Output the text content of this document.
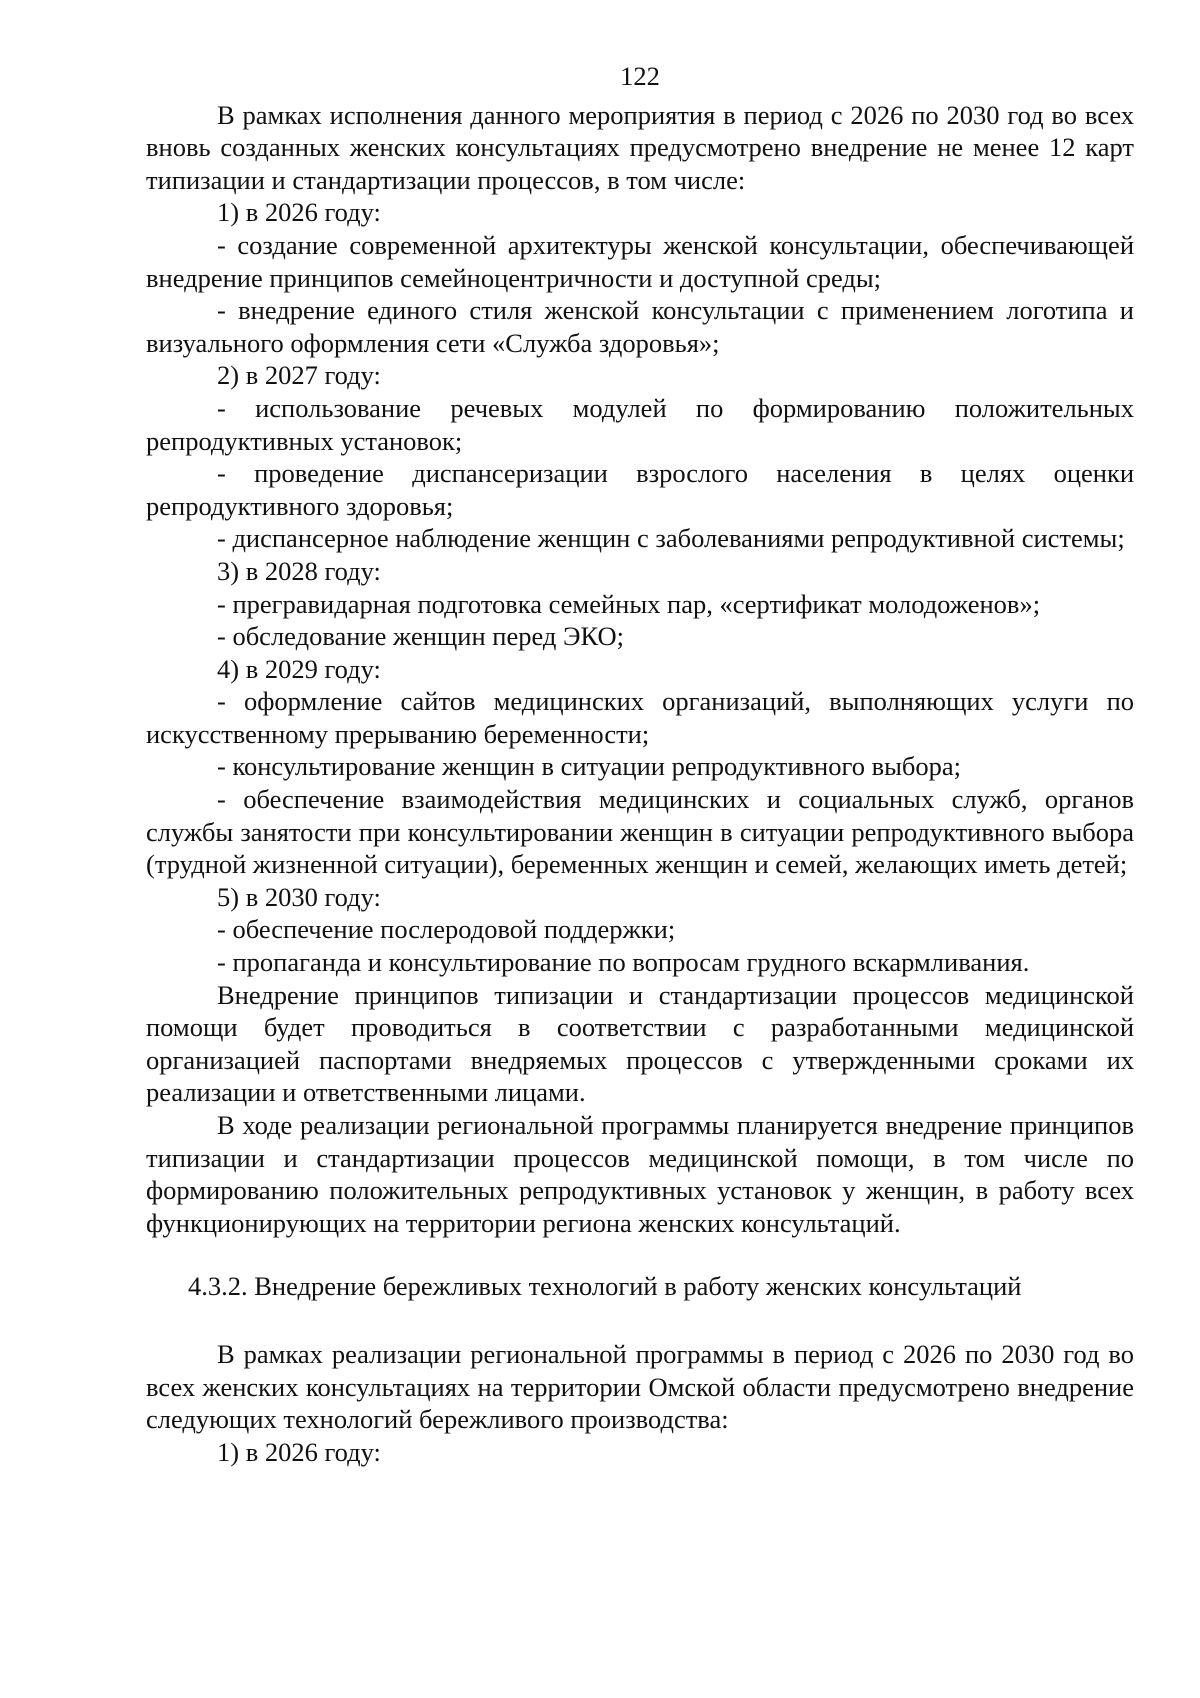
122

В рамках исполнения данного мероприятия в период с 2026 по 2030 год во всех вновь созданных женских консультациях предусмотрено внедрение не менее 12 карт типизации и стандартизации процессов, в том числе:

1) в 2026 году:

- создание современной архитектуры женской консультации, обеспечивающей внедрение принципов семейноцентричности и доступной среды;

- внедрение единого стиля женской консультации с применением логотипа и визуального оформления сети «Служба здоровья»;

2) в 2027 году:

- использование речевых модулей по формированию положительных репродуктивных установок;

- проведение диспансеризации взрослого населения в целях оценки репродуктивного здоровья;

- диспансерное наблюдение женщин с заболеваниями репродуктивной системы;

3) в 2028 году:

- прегравидарная подготовка семейных пар, «сертификат молодоженов»;

- обследование женщин перед ЭКО;

4) в 2029 году:

- оформление сайтов медицинских организаций, выполняющих услуги по искусственному прерыванию беременности;

- консультирование женщин в ситуации репродуктивного выбора;

- обеспечение взаимодействия медицинских и социальных служб, органов службы занятости при консультировании женщин в ситуации репродуктивного выбора (трудной жизненной ситуации), беременных женщин и семей, желающих иметь детей;

5) в 2030 году:

- обеспечение послеродовой поддержки;

- пропаганда и консультирование по вопросам грудного вскармливания.

Внедрение принципов типизации и стандартизации процессов медицинской помощи будет проводиться в соответствии с разработанными медицинской организацией паспортами внедряемых процессов с утвержденными сроками их реализации и ответственными лицами.

В ходе реализации региональной программы планируется внедрение принципов типизации и стандартизации процессов медицинской помощи, в том числе по формированию положительных репродуктивных установок у женщин, в работу всех функционирующих на территории региона женских консультаций.

4.3.2. Внедрение бережливых технологий в работу женских консультаций

В рамках реализации региональной программы в период с 2026 по 2030 год во всех женских консультациях на территории Омской области предусмотрено внедрение следующих технологий бережливого производства:

1) в 2026 году:
